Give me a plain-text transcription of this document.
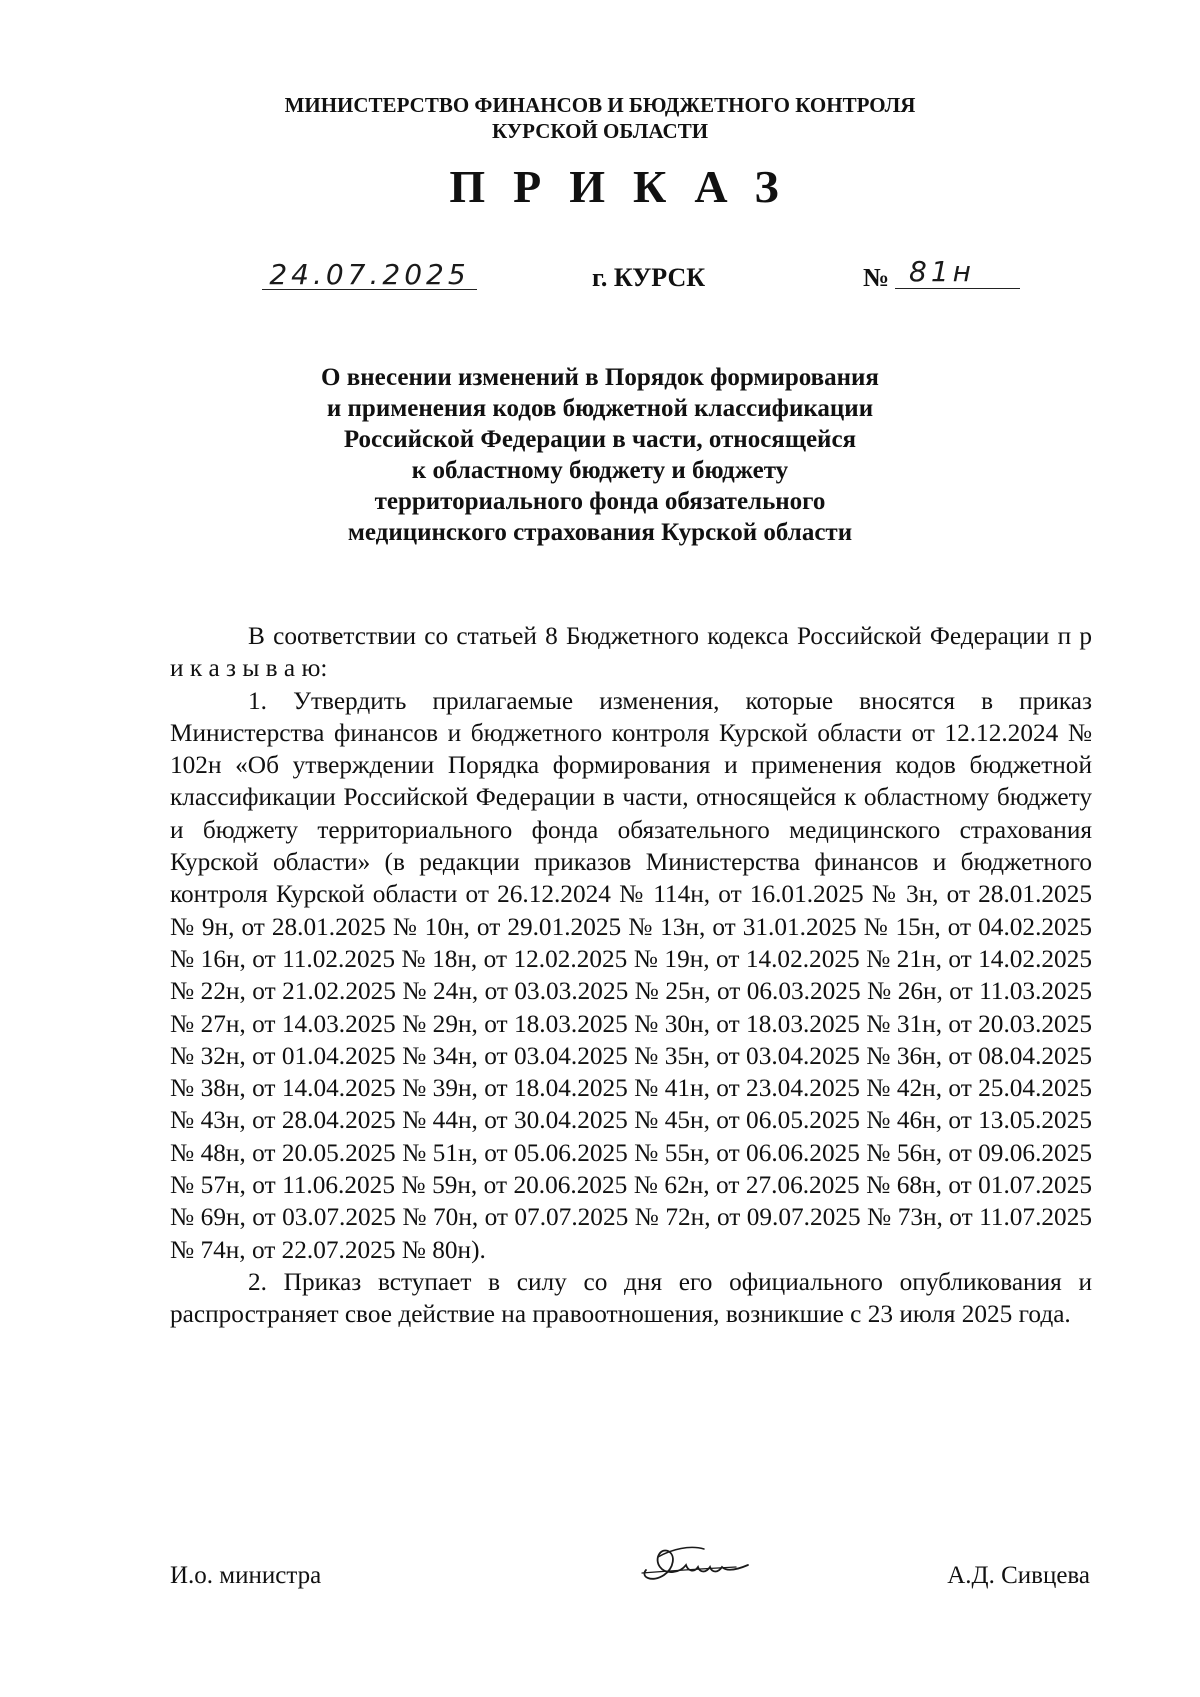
МИНИСТЕРСТВО ФИНАНСОВ И БЮДЖЕТНОГО КОНТРОЛЯ
КУРСКОЙ ОБЛАСТИ
ПРИКАЗ
24.07.2025	г. КУРСК	№ 81н
О внесении изменений в Порядок формирования
и применения кодов бюджетной классификации
Российской Федерации в части, относящейся
к областному бюджету и бюджету
территориального фонда обязательного
медицинского страхования Курской области

В соответствии со статьей 8 Бюджетного кодекса Российской Федерации п р и к а з ы в а ю:

1. Утвердить прилагаемые изменения, которые вносятся в приказ Министерства финансов и бюджетного контроля Курской области от 12.12.2024 № 102н «Об утверждении Порядка формирования и применения кодов бюджетной классификации Российской Федерации в части, относящейся к областному бюджету и бюджету территориального фонда обязательного медицинского страхования Курской области» (в редакции приказов Министерства финансов и бюджетного контроля Курской области от 26.12.2024 № 114н, от 16.01.2025 № 3н, от 28.01.2025 № 9н, от 28.01.2025 № 10н, от 29.01.2025 № 13н, от 31.01.2025 № 15н, от 04.02.2025 № 16н, от 11.02.2025 № 18н, от 12.02.2025 № 19н, от 14.02.2025 № 21н, от 14.02.2025 № 22н, от 21.02.2025 № 24н, от 03.03.2025 № 25н, от 06.03.2025 № 26н, от 11.03.2025 № 27н, от 14.03.2025 № 29н, от 18.03.2025 № 30н, от 18.03.2025 № 31н, от 20.03.2025 № 32н, от 01.04.2025 № 34н, от 03.04.2025 № 35н, от 03.04.2025 № 36н, от 08.04.2025 № 38н, от 14.04.2025 № 39н, от 18.04.2025 № 41н, от 23.04.2025 № 42н, от 25.04.2025 № 43н, от 28.04.2025 № 44н, от 30.04.2025 № 45н, от 06.05.2025 № 46н, от 13.05.2025 № 48н, от 20.05.2025 № 51н, от 05.06.2025 № 55н, от 06.06.2025 № 56н, от 09.06.2025 № 57н, от 11.06.2025 № 59н, от 20.06.2025 № 62н, от 27.06.2025 № 68н, от 01.07.2025 № 69н, от 03.07.2025 № 70н, от 07.07.2025 № 72н, от 09.07.2025 № 73н, от 11.07.2025 № 74н, от 22.07.2025 № 80н).

2. Приказ вступает в силу со дня его официального опубликования и распространяет свое действие на правоотношения, возникшие с 23 июля 2025 года.

И.о. министра	А.Д. Сивцева
